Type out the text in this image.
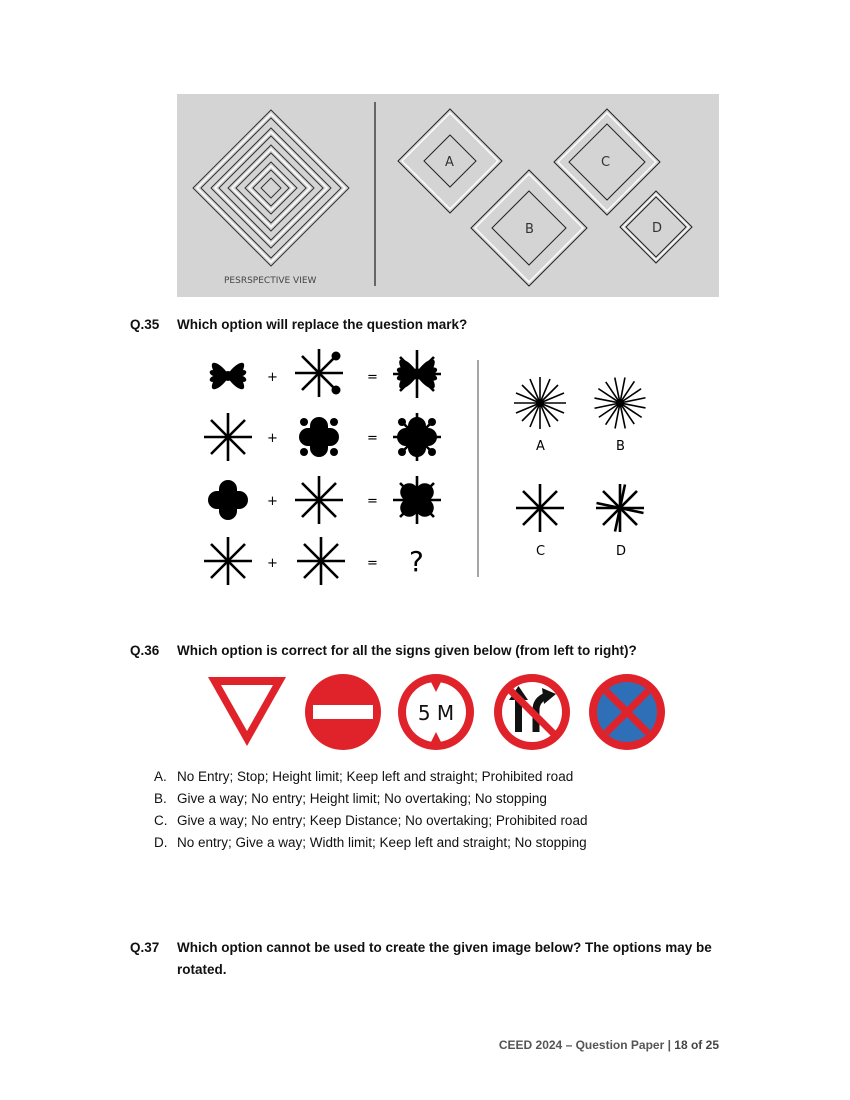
PESRSPECTIVE VIEW
A
B
C
D
Q.35 Which option will replace the question mark?
+	=
+	=
+	=
+	= ?
A	B
C	D
Q.36 Which option is correct for all the signs given below (from left to right)?
5 M
A. No Entry; Stop; Height limit; Keep left and straight; Prohibited road
B. Give a way; No entry; Height limit; No overtaking; No stopping
C. Give a way; No entry; Keep Distance; No overtaking; Prohibited road
D. No entry; Give a way; Width limit; Keep left and straight; No stopping
Q.37 Which option cannot be used to create the given image below? The options may be
rotated.
CEED 2024 – Question Paper | 18 of 25
